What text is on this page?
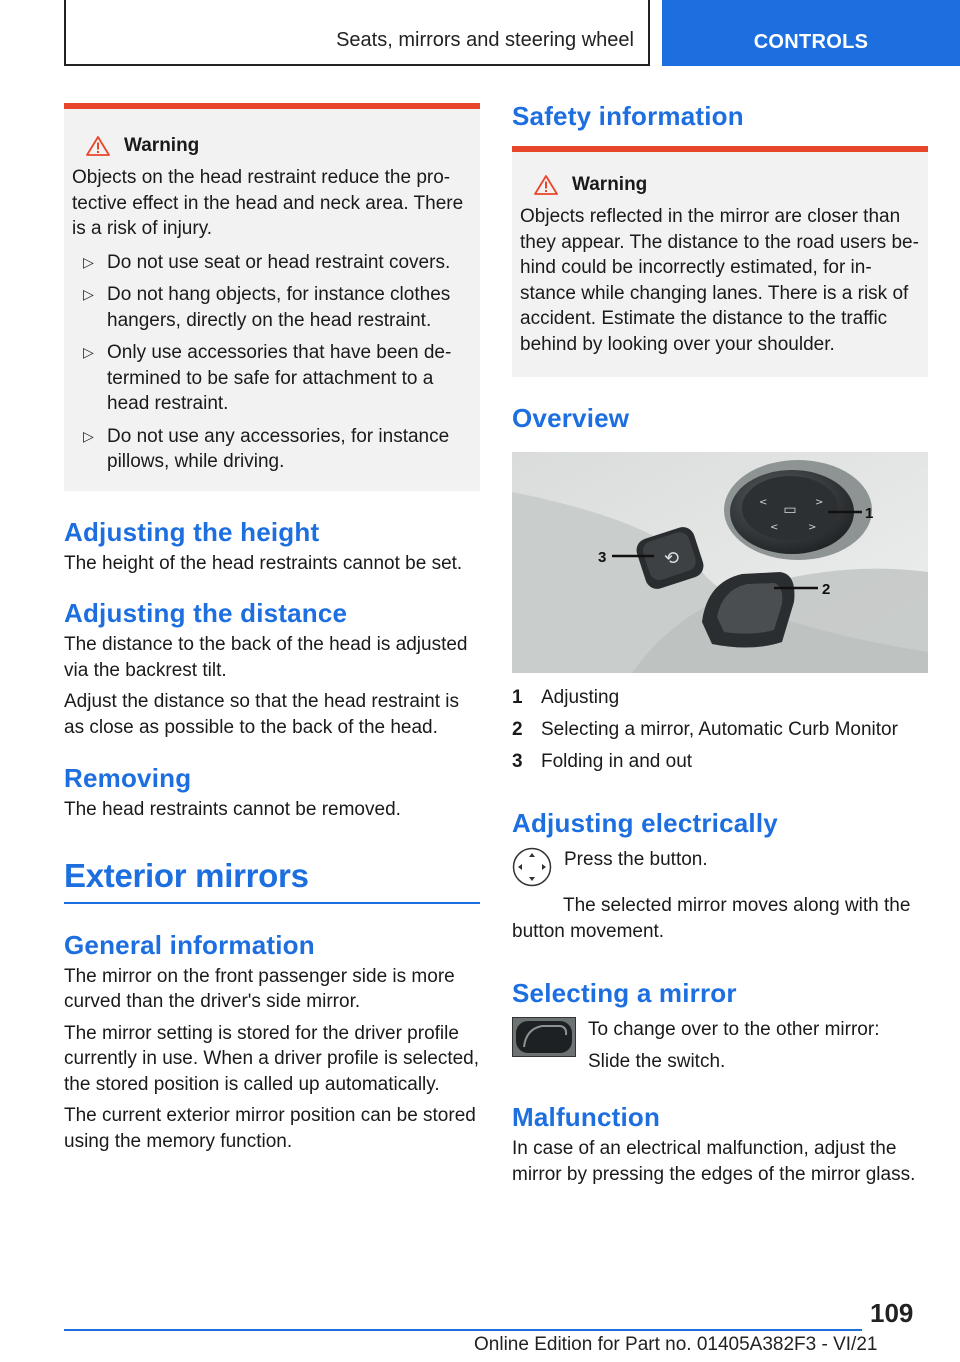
Seats, mirrors and steering wheel	CONTROLS
Warning

Objects on the head restraint reduce the pro-tective effect in the head and neck area. There is a risk of injury.

▷ Do not use seat or head restraint covers.
▷ Do not hang objects, for instance clothes hangers, directly on the head restraint.
▷ Only use accessories that have been de-termined to be safe for attachment to a head restraint.
▷ Do not use any accessories, for instance pillows, while driving.
Adjusting the height

The height of the head restraints cannot be set.

Adjusting the distance

The distance to the back of the head is adjusted via the backrest tilt.

Adjust the distance so that the head restraint is as close as possible to the back of the head.

Removing

The head restraints cannot be removed.

Exterior mirrors
General information

The mirror on the front passenger side is more curved than the driver's side mirror.

The mirror setting is stored for the driver profile currently in use. When a driver profile is selected, the stored position is called up automatically.

The current exterior mirror position can be stored using the memory function.

Safety information
Warning

Objects reflected in the mirror are closer than they appear. The distance to the road users be-hind could be incorrectly estimated, for in-stance while changing lanes. There is a risk of accident. Estimate the distance to the traffic behind by looking over your shoulder.

Overview
▭
<	>
<	>
⟲
1
2
3
1 Adjusting
2 Selecting a mirror, Automatic Curb Monitor
3 Folding in and out
Adjusting electrically

Press the button.

The selected mirror moves along with the button movement.

Selecting a mirror

To change over to the other mirror:

Slide the switch.

Malfunction

In case of an electrical malfunction, adjust the mirror by pressing the edges of the mirror glass.

109
Online Edition for Part no. 01405A382F3 - VI/21
